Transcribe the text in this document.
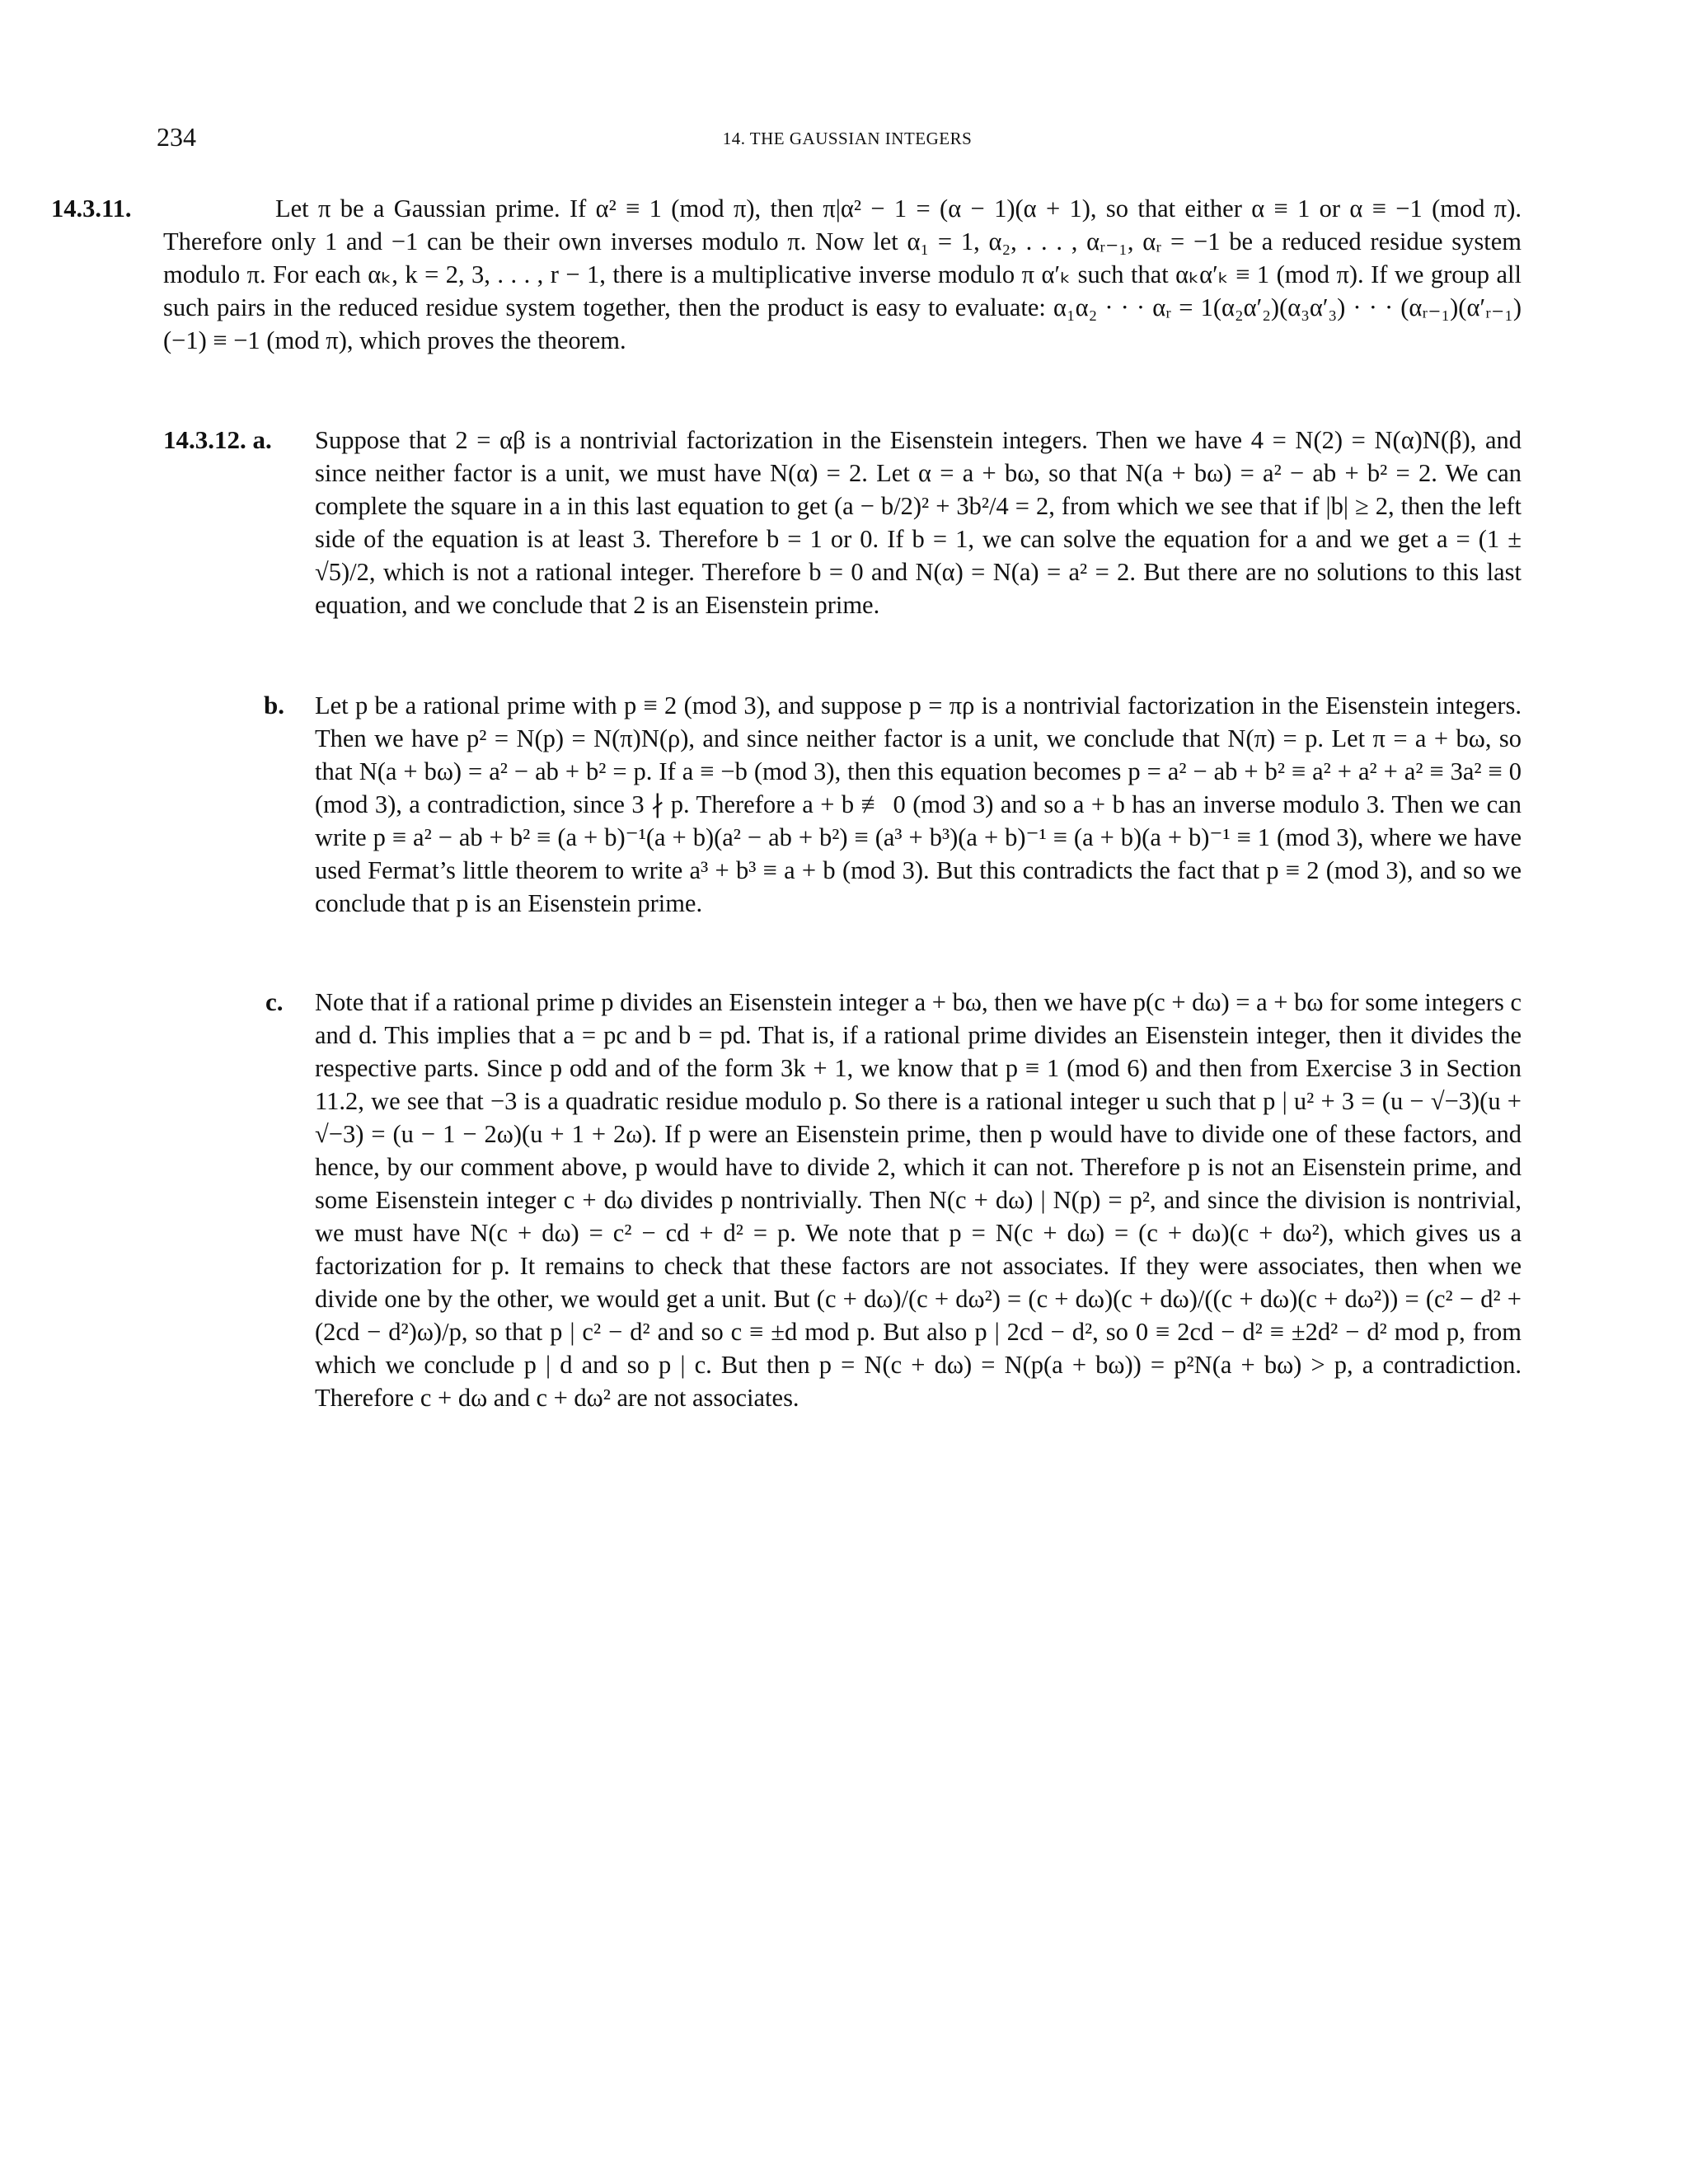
234	14. THE GAUSSIAN INTEGERS

14.3.11.	Let π be a Gaussian prime. If α² ≡ 1 (mod π), then π|α² − 1 = (α − 1)(α + 1), so that either α ≡ 1 or α ≡ −1 (mod π). Therefore only 1 and −1 can be their own inverses modulo π. Now let α₁ = 1, α₂, . . . , αᵣ₋₁, αᵣ = −1 be a reduced residue system modulo π. For each αₖ, k = 2, 3, . . . , r − 1, there is a multiplicative inverse modulo π α′ₖ such that αₖα′ₖ ≡ 1 (mod π). If we group all such pairs in the reduced residue system together, then the product is easy to evaluate: α₁α₂ · · · αᵣ = 1(α₂α′₂)(α₃α′₃) · · · (αᵣ₋₁)(α′ᵣ₋₁)(−1) ≡ −1 (mod π), which proves the theorem.

14.3.12. a. Suppose that 2 = αβ is a nontrivial factorization in the Eisenstein integers. Then we have 4 = N(2) = N(α)N(β), and since neither factor is a unit, we must have N(α) = 2. Let α = a + bω, so that N(a + bω) = a² − ab + b² = 2. We can complete the square in a in this last equation to get (a − b/2)² + 3b²/4 = 2, from which we see that if |b| ≥ 2, then the left side of the equation is at least 3. Therefore b = 1 or 0. If b = 1, we can solve the equation for a and we get a = (1 ± √5)/2, which is not a rational integer. Therefore b = 0 and N(α) = N(a) = a² = 2. But there are no solutions to this last equation, and we conclude that 2 is an Eisenstein prime.

b. Let p be a rational prime with p ≡ 2 (mod 3), and suppose p = πρ is a nontrivial factorization in the Eisenstein integers. Then we have p² = N(p) = N(π)N(ρ), and since neither factor is a unit, we conclude that N(π) = p. Let π = a + bω, so that N(a + bω) = a² − ab + b² = p. If a ≡ −b (mod 3), then this equation becomes p = a² − ab + b² ≡ a² + a² + a² ≡ 3a² ≡ 0 (mod 3), a contradiction, since 3 ∤ p. Therefore a + b ≢ 0 (mod 3) and so a + b has an inverse modulo 3. Then we can write p ≡ a² − ab + b² ≡ (a + b)⁻¹(a + b)(a² − ab + b²) ≡ (a³ + b³)(a + b)⁻¹ ≡ (a + b)(a + b)⁻¹ ≡ 1 (mod 3), where we have used Fermat’s little theorem to write a³ + b³ ≡ a + b (mod 3). But this contradicts the fact that p ≡ 2 (mod 3), and so we conclude that p is an Eisenstein prime.

c. Note that if a rational prime p divides an Eisenstein integer a + bω, then we have p(c + dω) = a + bω for some integers c and d. This implies that a = pc and b = pd. That is, if a rational prime divides an Eisenstein integer, then it divides the respective parts. Since p odd and of the form 3k + 1, we know that p ≡ 1 (mod 6) and then from Exercise 3 in Section 11.2, we see that −3 is a quadratic residue modulo p. So there is a rational integer u such that p | u² + 3 = (u − √−3)(u + √−3) = (u − 1 − 2ω)(u + 1 + 2ω). If p were an Eisenstein prime, then p would have to divide one of these factors, and hence, by our comment above, p would have to divide 2, which it can not. Therefore p is not an Eisenstein prime, and some Eisenstein integer c + dω divides p nontrivially. Then N(c + dω) | N(p) = p², and since the division is nontrivial, we must have N(c + dω) = c² − cd + d² = p. We note that p = N(c + dω) = (c + dω)(c + dω²), which gives us a factorization for p. It remains to check that these factors are not associates. If they were associates, then when we divide one by the other, we would get a unit. But (c + dω)/(c + dω²) = (c + dω)(c + dω)/((c + dω)(c + dω²)) = (c² − d² + (2cd − d²)ω)/p, so that p | c² − d² and so c ≡ ±d mod p. But also p | 2cd − d², so 0 ≡ 2cd − d² ≡ ±2d² − d² mod p, from which we conclude p | d and so p | c. But then p = N(c + dω) = N(p(a + bω)) = p²N(a + bω) > p, a contradiction. Therefore c + dω and c + dω² are not associates.
